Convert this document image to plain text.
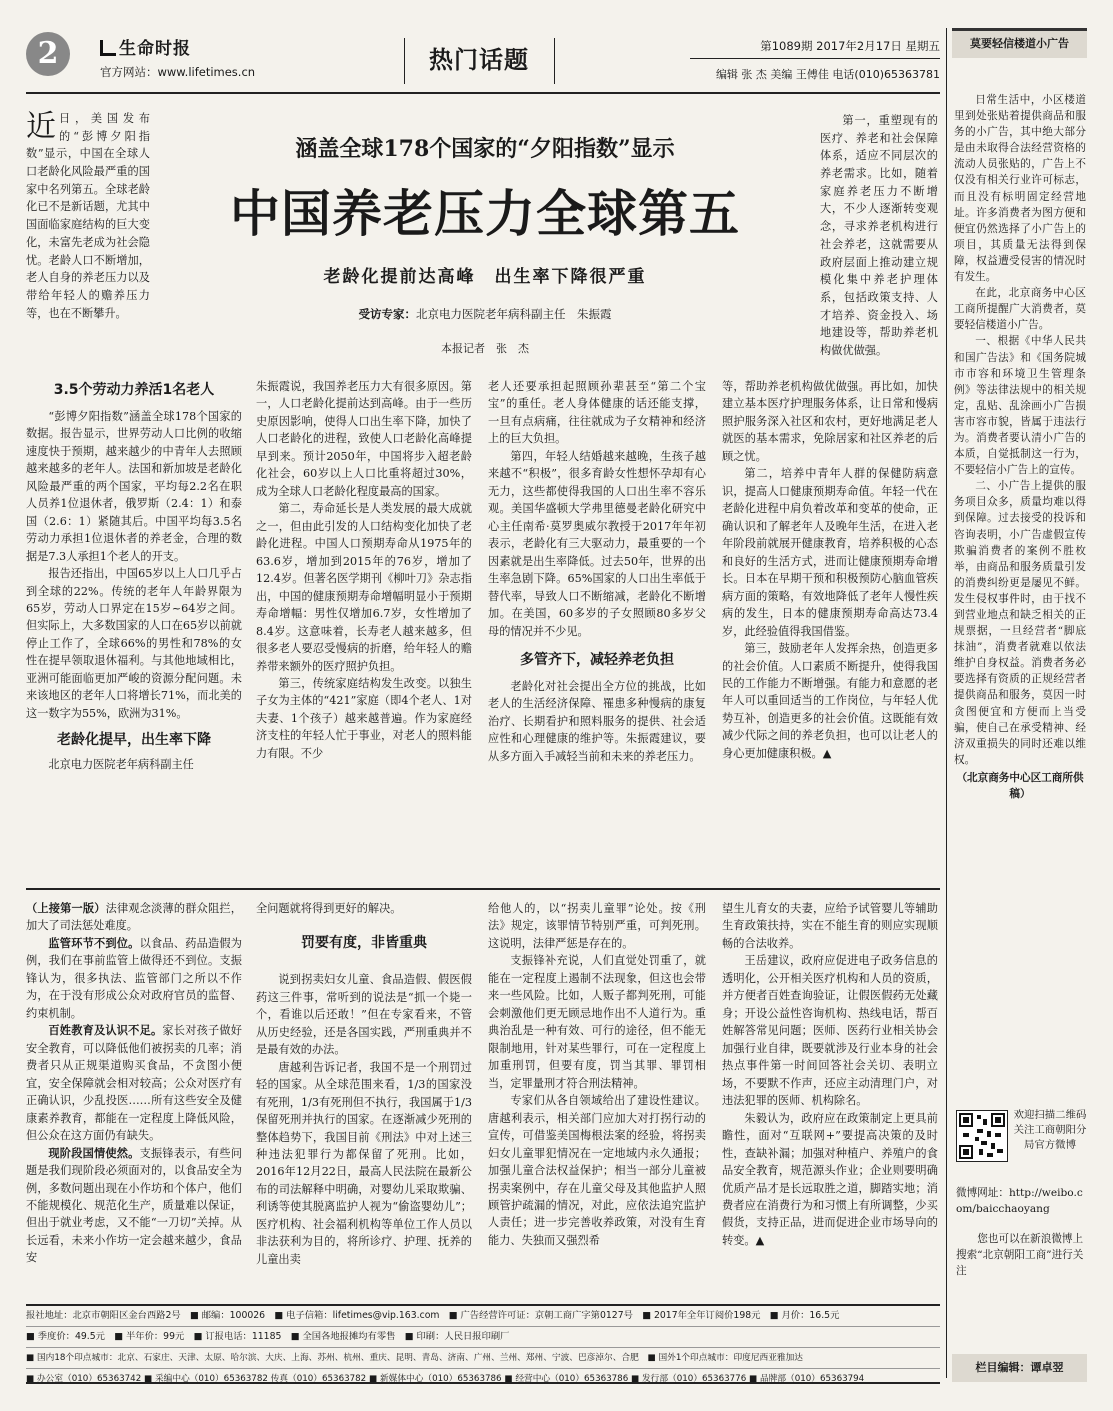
2	生命时报
官方网站：www.lifetimes.cn	热门话题	第1089期 2017年2月17日 星期五
编辑 张 杰 美编 王傅佳 电话(010)65363781
莫要轻信楼道小广告
近日，美国发布的“彭博夕阳指数”显示，中国在全球人口老龄化风险最严重的国家中名列第五。全球老龄化已不是新话题，尤其中国面临家庭结构的巨大变化，未富先老成为社会隐忧。老龄人口不断增加，老人自身的养老压力以及带给年轻人的赡养压力等，也在不断攀升。
涵盖全球178个国家的“夕阳指数”显示
中国养老压力全球第五
老龄化提前达高峰　出生率下降很严重
受访专家：北京电力医院老年病科副主任　朱振霞
本报记者　张　杰
第一，重塑现有的医疗、养老和社会保障体系，适应不同层次的养老需求。比如，随着家庭养老压力不断增大，不少人逐渐转变观念，寻求养老机构进行社会养老，这就需要从政府层面上推动建立规模化集中养老护理体系，包括政策支持、人才培养、资金投入、场地建设等，帮助养老机构做优做强。
3.5个劳动力养活1名老人

“彭博夕阳指数”涵盖全球178个国家的数据。报告显示，世界劳动人口比例的收缩速度快于预期，越来越少的中青年人去照顾越来越多的老年人。法国和新加坡是老龄化风险最严重的两个国家，平均每2.2名在职人员养1位退休者，俄罗斯（2.4：1）和泰国（2.6：1）紧随其后。中国平均每3.5名劳动力承担1位退休者的养老金，合理的数据是7.3人承担1个老人的开支。

报告还指出，中国65岁以上人口几乎占到全球的22%。传统的老年人年龄界限为65岁，劳动人口界定在15岁~64岁之间。但实际上，大多数国家的人口在65岁以前就停止工作了，全球66%的男性和78%的女性在提早领取退休福利。与其他地域相比，亚洲可能面临更加严峻的资源分配问题。未来该地区的老年人口将增长71%，而北美的这一数字为55%，欧洲为31%。

老龄化提早，出生率下降

北京电力医院老年病科副主任

朱振霞说，我国养老压力大有很多原因。第一，人口老龄化提前达到高峰。由于一些历史原因影响，使得人口出生率下降，加快了人口老龄化的进程，致使人口老龄化高峰提早到来。预计2050年，中国将步入超老龄化社会，60岁以上人口比重将超过30%，成为全球人口老龄化程度最高的国家。

第二，寿命延长是人类发展的最大成就之一，但由此引发的人口结构变化加快了老龄化进程。中国人口预期寿命从1975年的63.6岁，增加到2015年的76岁，增加了12.4岁。但著名医学期刊《柳叶刀》杂志指出，中国的健康预期寿命增幅明显小于预期寿命增幅：男性仅增加6.7岁，女性增加了8.4岁。这意味着，长寿老人越来越多，但很多老人要忍受慢病的折磨，给年轻人的赡养带来额外的医疗照护负担。

第三，传统家庭结构发生改变。以独生子女为主体的“421”家庭（即4个老人、1对夫妻、1个孩子）越来越普遍。作为家庭经济支柱的年轻人忙于事业，对老人的照料能力有限。不少

老人还要承担起照顾孙辈甚至“第二个宝宝”的重任。老人身体健康的话还能支撑，一旦有点病痛，往往就成为子女精神和经济上的巨大负担。

第四，年轻人结婚越来越晚，生孩子越来越不“积极”，很多育龄女性想怀孕却有心无力，这些都使得我国的人口出生率不容乐观。美国华盛顿大学弗里德曼老龄化研究中心主任南希·莫罗奥威尔教授于2017年年初表示，老龄化有三大驱动力，最重要的一个因素就是出生率降低。过去50年，世界的出生率急剧下降。65%国家的人口出生率低于替代率，导致人口不断缩减，老龄化不断增加。在美国，60多岁的子女照顾80多岁父母的情况并不少见。

多管齐下，减轻养老负担

老龄化对社会提出全方位的挑战，比如老人的生活经济保障、罹患多种慢病的康复治疗、长期看护和照料服务的提供、社会适应性和心理健康的维护等。朱振霞建议，要从多方面入手减轻当前和未来的养老压力。

等，帮助养老机构做优做强。再比如，加快建立基本医疗护理服务体系，让日常和慢病照护服务深入社区和农村，更好地满足老人就医的基本需求，免除居家和社区养老的后顾之忧。

第二，培养中青年人群的保健防病意识，提高人口健康预期寿命值。年轻一代在老龄化进程中肩负着改革和变革的使命，正确认识和了解老年人及晚年生活，在进入老年阶段前就展开健康教育，培养积极的心态和良好的生活方式，进而让健康预期寿命增长。日本在早期干预和积极预防心脑血管疾病方面的策略，有效地降低了老年人慢性疾病的发生，日本的健康预期寿命高达73.4岁，此经验值得我国借鉴。

第三，鼓励老年人发挥余热，创造更多的社会价值。人口素质不断提升，使得我国民的工作能力不断增强。有能力和意愿的老年人可以重回适当的工作岗位，与年轻人优势互补，创造更多的社会价值。这既能有效减少代际之间的养老负担，也可以让老人的身心更加健康积极。▲

（上接第一版）法律观念淡薄的群众阻拦，加大了司法惩处难度。

监管环节不到位。以食品、药品造假为例，我们在事前监管上做得还不到位。支振锋认为，很多执法、监管部门之所以不作为，在于没有形成公众对政府官员的监督、约束机制。

百姓教育及认识不足。家长对孩子做好安全教育，可以降低他们被拐卖的几率；消费者只从正规渠道购买食品，不贪图小便宜，安全保障就会相对较高；公众对医疗有正确认识，少乱投医……所有这些安全及健康素养教育，都能在一定程度上降低风险，但公众在这方面仍有缺失。

现阶段国情使然。支振锋表示，有些问题是我们现阶段必须面对的，以食品安全为例，多数问题出现在小作坊和个体户，他们不能规模化、规范化生产，质量难以保证，但出于就业考虑，又不能“一刀切”关掉。从长远看，未来小作坊一定会越来越少，食品安

全问题就将得到更好的解决。
罚要有度，非皆重典

说到拐卖妇女儿童、食品造假、假医假药这三件事，常听到的说法是“抓一个毙一个，看谁以后还敢！”但在专家看来，不管从历史经验，还是各国实践，严刑重典并不是最有效的办法。

唐越利告诉记者，我国不是一个刑罚过轻的国家。从全球范围来看，1/3的国家没有死刑，1/3有死刑但不执行，我国属于1/3保留死刑并执行的国家。在逐渐减少死刑的整体趋势下，我国目前《刑法》中对上述三种违法犯罪行为都保留了死刑。比如，2016年12月22日，最高人民法院在最新公布的司法解释中明确，对婴幼儿采取欺骗、利诱等使其脱离监护人视为“偷盗婴幼儿”；医疗机构、社会福利机构等单位工作人员以非法获利为目的，将所诊疗、护理、抚养的儿童出卖

给他人的，以“拐卖儿童罪”论处。按《刑法》规定，该罪情节特别严重，可判死刑。这说明，法律严惩是存在的。

支振锋补充说，人们直觉处罚重了，就能在一定程度上遏制不法现象，但这也会带来一些风险。比如，人贩子都判死刑，可能会刺激他们更无顾忌地作出不人道行为。重典治乱是一种有效、可行的途径，但不能无限制地用，针对某些罪行，可在一定程度上加重刑罚，但要有度，罚当其罪、罪罚相当，定罪量刑才符合刑法精神。

专家们从各自领域给出了建设性建议。唐越利表示，相关部门应加大对打拐行动的宣传，可借鉴美国梅根法案的经验，将拐卖妇女儿童罪犯情况在一定地域内永久通报；加强儿童合法权益保护；相当一部分儿童被拐卖案例中，存在儿童父母及其他监护人照顾管护疏漏的情况，对此，应依法追究监护人责任；进一步完善收养政策，对没有生育能力、失独而又强烈希

望生儿育女的夫妻，应给予试管婴儿等辅助生育政策扶持，实在不能生育的则应实现顺畅的合法收养。

王岳建议，政府应促进电子政务信息的透明化，公开相关医疗机构和人员的资质，并方便者百姓查询验证，让假医假药无处藏身；开设公益性咨询机构、热线电话，帮百姓解答常见问题；医师、医药行业相关协会加强行业自律，既要就涉及行业本身的社会热点事件第一时间回答社会关切、表明立场，不要默不作声，还应主动清理门户，对违法犯罪的医师、机构除名。

朱毅认为，政府应在政策制定上更具前瞻性，面对“互联网+”要提高决策的及时性，查缺补漏；加强对种植户、养殖户的食品安全教育，规范源头作业；企业则要明确优质产品才是长远取胜之道，脚踏实地；消费者应在消费行为和习惯上有所调整，少买假货，支持正品，进而促进企业市场导向的转变。▲

日常生活中，小区楼道里到处张贴着提供商品和服务的小广告，其中绝大部分是由未取得合法经营资格的流动人员张贴的，广告上不仅没有相关行业许可标志，而且没有标明固定经营地址。许多消费者为图方便和便宜仍然选择了小广告上的项目，其质量无法得到保障，权益遭受侵害的情况时有发生。

在此，北京商务中心区工商所提醒广大消费者，莫要轻信楼道小广告。

一、根据《中华人民共和国广告法》和《国务院城市市容和环境卫生管理条例》等法律法规中的相关规定，乱贴、乱涂画小广告损害市容市貌，皆属于违法行为。消费者要认清小广告的本质，自觉抵制这一行为，不要轻信小广告上的宣传。

二、小广告上提供的服务项目众多，质量均难以得到保障。过去接受的投诉和咨询表明，小广告虚假宣传欺骗消费者的案例不胜枚举，由商品和服务质量引发的消费纠纷更是屡见不鲜。发生侵权事件时，由于找不到营业地点和缺乏相关的正规票据，一旦经营者“脚底抹油”，消费者就难以依法维护自身权益。消费者务必要选择有资质的正规经营者提供商品和服务，莫因一时贪图便宜和方便而上当受骗，使自己在承受精神、经济双重损失的同时还难以维权。

（北京商务中心区工商所供稿）
欢迎扫描二维码关注工商朝阳分局官方微博
微博网址：http://weibo.com/baicchaoyang
您也可以在新浪微博上搜索“北京朝阳工商”进行关注
报社地址：北京市朝阳区金台西路2号　■ 邮编：100026　■ 电子信箱：lifetimes@vip.163.com　■ 广告经营许可证：京朝工商广字第0127号　■ 2017年全年订阅价198元　■ 月价：16.5元
■ 季度价：49.5元　■ 半年价：99元　■ 订报电话：11185　■ 全国各地报摊均有零售　■ 印刷：人民日报印刷厂
■ 国内18个印点城市：北京、石家庄、天津、太原、哈尔滨、大庆、上海、苏州、杭州、重庆、昆明、青岛、济南、广州、兰州、郑州、宁波、巴彦淖尔、合肥　■ 国外1个印点城市：印度尼西亚雅加达
■ 办公室（010）65363742 ■ 采编中心（010）65363782 传真（010）65363782 ■ 新媒体中心（010）65363786 ■ 经营中心（010）65363786 ■ 发行部（010）65363776 ■ 品牌部（010）65363794
栏目编辑：谭卓翌
